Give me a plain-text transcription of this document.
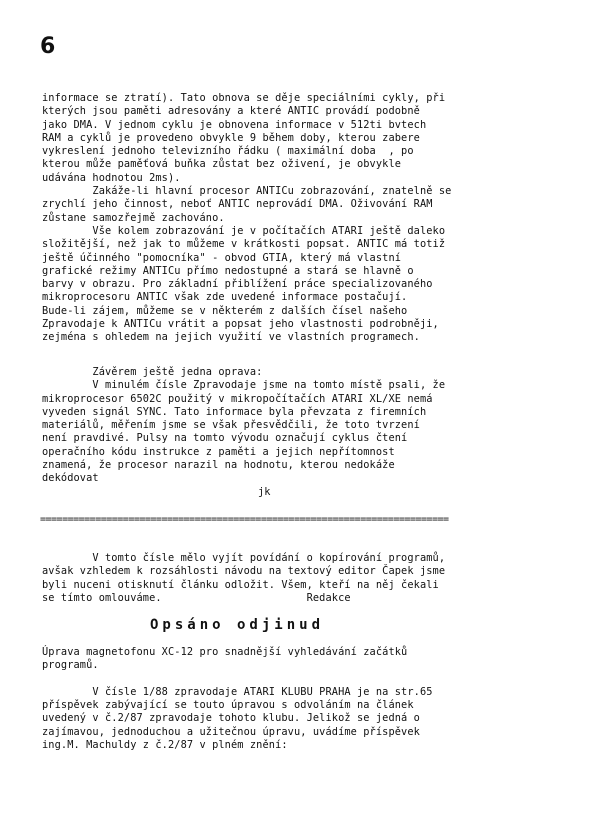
6
informace se ztratí). Tato obnova se děje speciálními cykly, při
kterých jsou paměti adresovány a které ANTIC provádí podobně
jako DMA. V jednom cyklu je obnovena informace v 512ti bvtech
RAM a cyklů je provedeno obvykle 9 během doby, kterou zabere
vykreslení jednoho televizního řádku ( maximální doba  , po
kterou může paměťová buňka zůstat bez oživení, je obvykle
udávána hodnotou 2ms).
Zakáže-li hlavní procesor ANTICu zobrazování, znatelně se
zrychlí jeho činnost, neboť ANTIC neprovádí DMA. Oživování RAM
zůstane samozřejmě zachováno.
Vše kolem zobrazování je v počítačích ATARI ještě daleko
složitější, než jak to můžeme v krátkosti popsat. ANTIC má totiž
ještě účinného "pomocníka" - obvod GTIA, který má vlastní
grafické režimy ANTICu přímo nedostupné a stará se hlavně o
barvy v obrazu. Pro základní přiblížení práce specializovaného
mikroprocesoru ANTIC však zde uvedené informace postačují.
Bude-li zájem, můžeme se v některém z dalších čísel našeho
Zpravodaje k ANTICu vrátit a popsat jeho vlastnosti podrobněji,
zejména s ohledem na jejich využití ve vlastních programech.
Závěrem ještě jedna oprava:
V minulém čísle Zpravodaje jsme na tomto místě psali, že
mikroprocesor 6502C použitý v mikropočítačích ATARI XL/XE nemá
vyveden signál SYNC. Tato informace byla převzata z firemních
materiálů, měřením jsme se však přesvědčili, že toto tvrzení
není pravdivé. Pulsy na tomto vývodu označují cyklus čtení
operačního kódu instrukce z paměti a jejich nepřítomnost
znamená, že procesor narazil na hodnotu, kterou nedokáže
dekódovat
jk
==========================================================================
V tomto čísle mělo vyjít povídání o kopírování programů,
avšak vzhledem k rozsáhlosti návodu na textový editor Čapek jsme
byli nuceni otisknutí článku odložit. Všem, kteří na něj čekali
se tímto omlouváme.                       Redakce
Opsáno odjinud
Úprava magnetofonu XC-12 pro snadnější vyhledávání začátků
programů.

V čísle 1/88 zpravodaje ATARI KLUBU PRAHA je na str.65
příspěvek zabývající se touto úpravou s odvoláním na článek
uvedený v č.2/87 zpravodaje tohoto klubu. Jelikož se jedná o
zajímavou, jednoduchou a užitečnou úpravu, uvádíme příspěvek
ing.M. Machuldy z č.2/87 v plném znění:
